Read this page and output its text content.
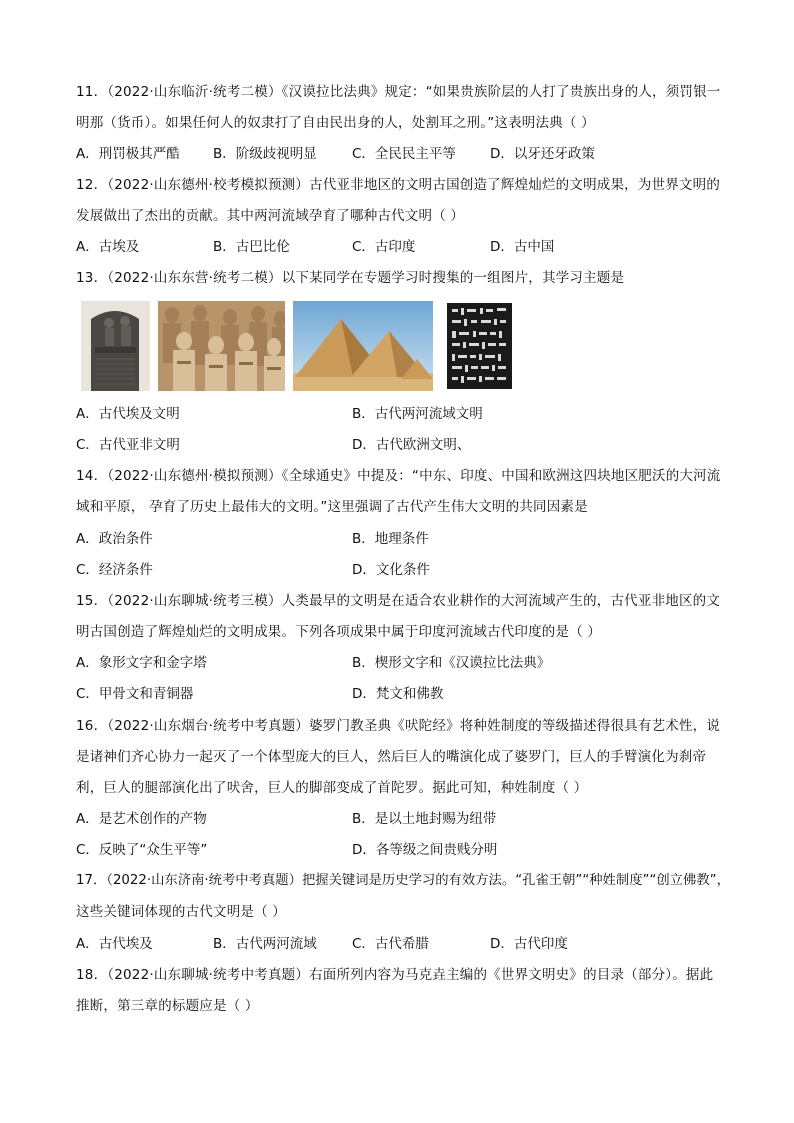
11．（2022·山东临沂·统考二模）《汉谟拉比法典》规定：“如果贵族阶层的人打了贵族出身的人，须罚银一
明那（货币）。如果任何人的奴隶打了自由民出身的人，处割耳之刑。”这表明法典（ ）
A．刑罚极其严酷 B．阶级歧视明显	C．全民民主平等	D．以牙还牙政策
12．（2022·山东德州·校考模拟预测）古代亚非地区的文明古国创造了辉煌灿烂的文明成果，为世界文明的
发展做出了杰出的贡献。其中两河流域孕育了哪种古代文明（ ）
A．古埃及	B．古巴比伦	C．古印度	D．古中国
13．（2022·山东东营·统考二模）以下某同学在专题学习时搜集的一组图片，其学习主题是
A．古代埃及文明	B．古代两河流域文明
C．古代亚非文明	D．古代欧洲文明、
14．（2022·山东德州·模拟预测）《全球通史》中提及：“中东、印度、中国和欧洲这四块地区肥沃的大河流
域和平原， 孕育了历史上最伟大的文明。”这里强调了古代产生伟大文明的共同因素是
A．政治条件	B．地理条件
C．经济条件	D．文化条件
15．（2022·山东聊城·统考三模）人类最早的文明是在适合农业耕作的大河流域产生的，古代亚非地区的文
明古国创造了辉煌灿烂的文明成果。下列各项成果中属于印度河流域古代印度的是（ ）
A．象形文字和金字塔	B．楔形文字和《汉谟拉比法典》
C．甲骨文和青铜器	D．梵文和佛教
16．（2022·山东烟台·统考中考真题）婆罗门教圣典《吠陀经》将种姓制度的等级描述得很具有艺术性，说
是诸神们齐心协力一起灭了一个体型庞大的巨人，然后巨人的嘴演化成了婆罗门，巨人的手臂演化为刹帝
利，巨人的腿部演化出了吠舍，巨人的脚部变成了首陀罗。据此可知，种姓制度（ ）
A．是艺术创作的产物	B．是以土地封赐为纽带
C．反映了“众生平等”	D．各等级之间贵贱分明
17．（2022·山东济南·统考中考真题）把握关键词是历史学习的有效方法。“孔雀王朝”“种姓制度”“创立佛教”，
这些关键词体现的古代文明是（ ）
A．古代埃及	B．古代两河流域	C．古代希腊	D．古代印度
18．（2022·山东聊城·统考中考真题）右面所列内容为马克垚主编的《世界文明史》的目录（部分）。据此
推断，第三章的标题应是（ ）
